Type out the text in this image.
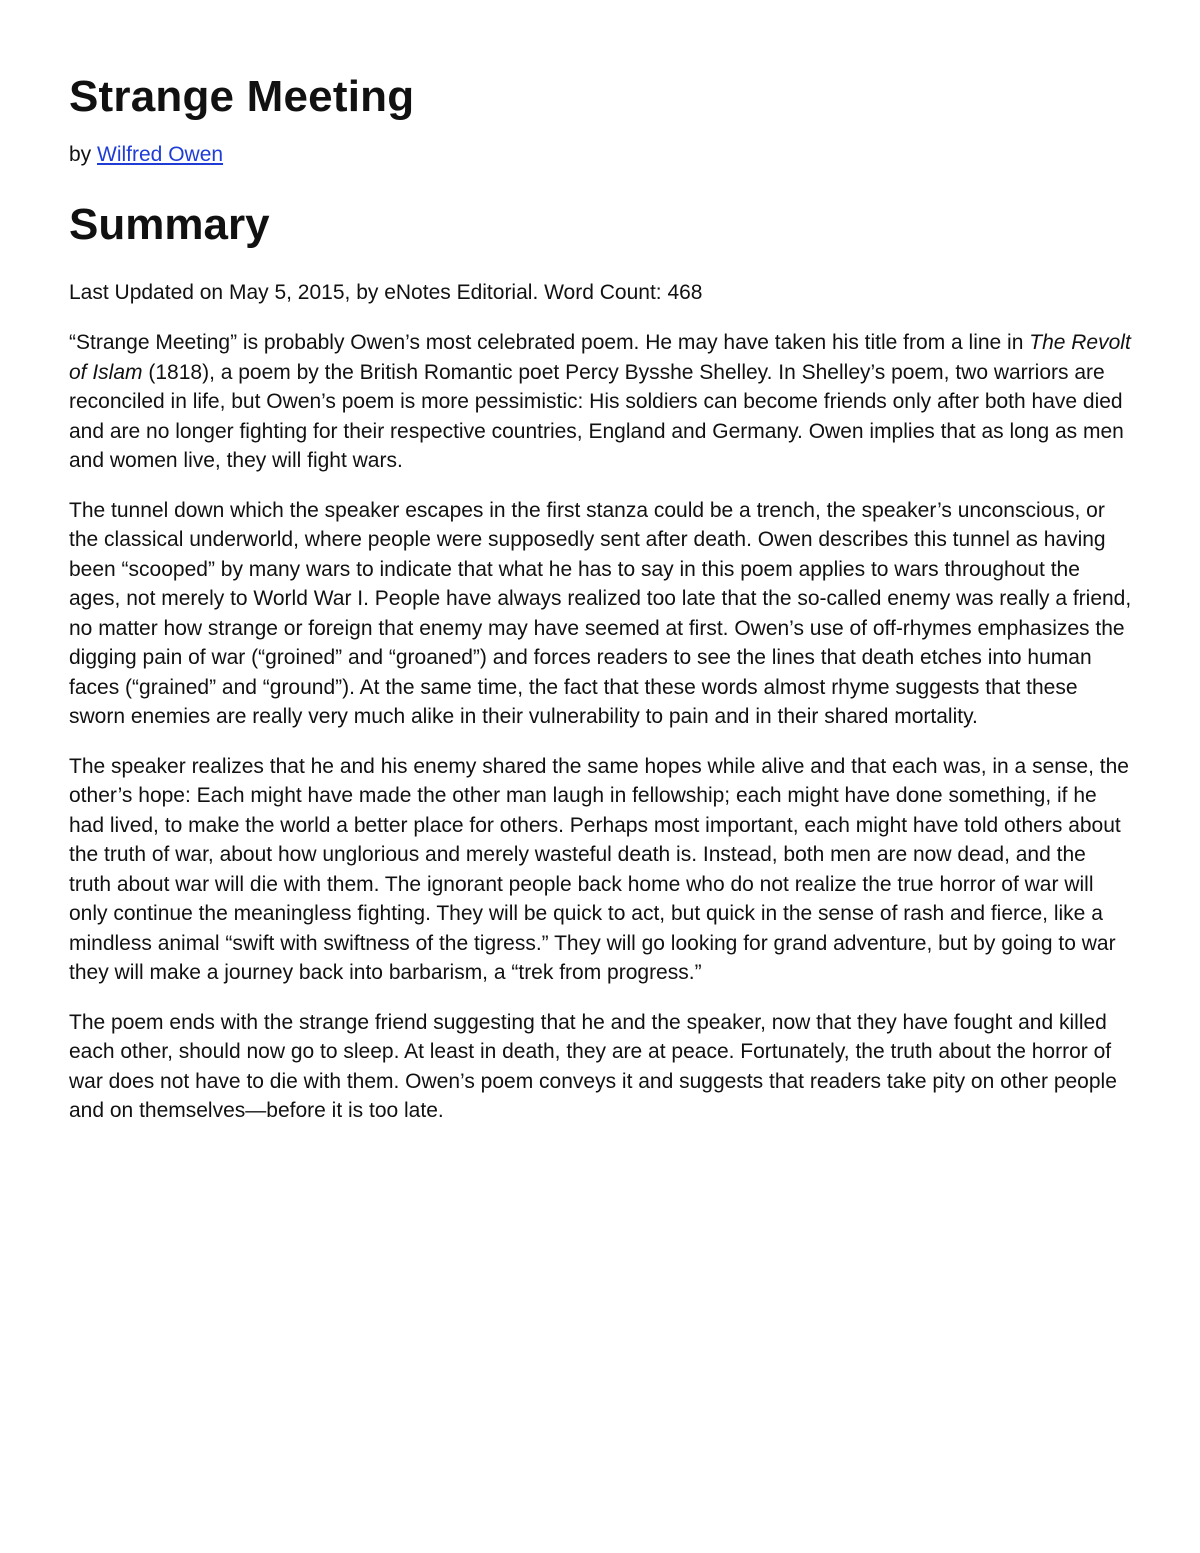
Strange Meeting
by Wilfred Owen
Summary
Last Updated on May 5, 2015, by eNotes Editorial. Word Count: 468

“Strange Meeting” is probably Owen’s most celebrated poem. He may have taken his title from a line in The Revolt of Islam (1818), a poem by the British Romantic poet Percy Bysshe Shelley. In Shelley’s poem, two warriors are reconciled in life, but Owen’s poem is more pessimistic: His soldiers can become friends only after both have died and are no longer fighting for their respective countries, England and Germany. Owen implies that as long as men and women live, they will fight wars.

The tunnel down which the speaker escapes in the first stanza could be a trench, the speaker’s unconscious, or the classical underworld, where people were supposedly sent after death. Owen describes this tunnel as having been “scooped” by many wars to indicate that what he has to say in this poem applies to wars throughout the ages, not merely to World War I. People have always realized too late that the so-called enemy was really a friend, no matter how strange or foreign that enemy may have seemed at first. Owen’s use of off-rhymes emphasizes the digging pain of war (“groined” and “groaned”) and forces readers to see the lines that death etches into human faces (“grained” and “ground”). At the same time, the fact that these words almost rhyme suggests that these sworn enemies are really very much alike in their vulnerability to pain and in their shared mortality.

The speaker realizes that he and his enemy shared the same hopes while alive and that each was, in a sense, the other’s hope: Each might have made the other man laugh in fellowship; each might have done something, if he had lived, to make the world a better place for others. Perhaps most important, each might have told others about the truth of war, about how unglorious and merely wasteful death is. Instead, both men are now dead, and the truth about war will die with them. The ignorant people back home who do not realize the true horror of war will only continue the meaningless fighting. They will be quick to act, but quick in the sense of rash and fierce, like a mindless animal “swift with swiftness of the tigress.” They will go looking for grand adventure, but by going to war they will make a journey back into barbarism, a “trek from progress.”

The poem ends with the strange friend suggesting that he and the speaker, now that they have fought and killed each other, should now go to sleep. At least in death, they are at peace. Fortunately, the truth about the horror of war does not have to die with them. Owen’s poem conveys it and suggests that readers take pity on other people and on themselves—before it is too late.
